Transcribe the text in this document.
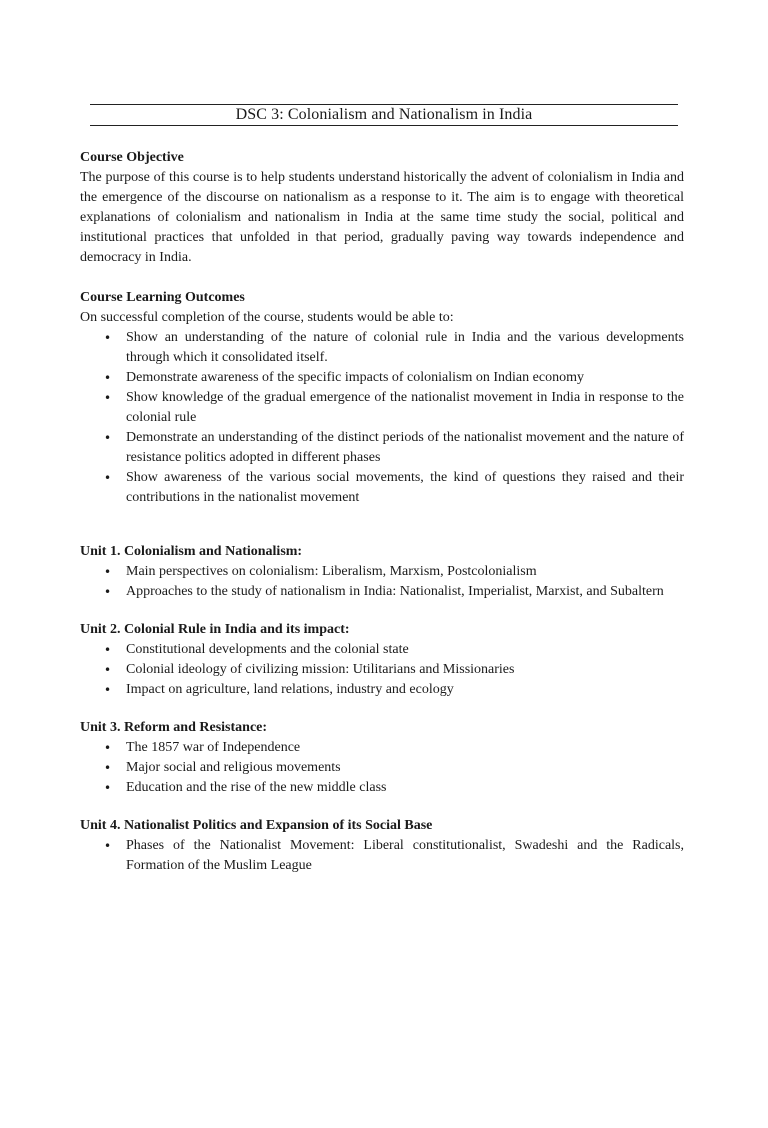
DSC 3: Colonialism and Nationalism in India

Course Objective

The purpose of this course is to help students understand historically the advent of colonialism in India and the emergence of the discourse on nationalism as a response to it. The aim is to engage with theoretical explanations of colonialism and nationalism in India at the same time study the social, political and institutional practices that unfolded in that period, gradually paving way towards independence and democracy in India.

Course Learning Outcomes

On successful completion of the course, students would be able to:

• Show an understanding of the nature of colonial rule in India and the various developments through which it consolidated itself.
• Demonstrate awareness of the specific impacts of colonialism on Indian economy
• Show knowledge of the gradual emergence of the nationalist movement in India in response to the colonial rule
• Demonstrate an understanding of the distinct periods of the nationalist movement and the nature of resistance politics adopted in different phases
• Show awareness of the various social movements, the kind of questions they raised and their contributions in the nationalist movement

Unit 1. Colonialism and Nationalism:

• Main perspectives on colonialism: Liberalism, Marxism, Postcolonialism
• Approaches to the study of nationalism in India: Nationalist, Imperialist, Marxist, and Subaltern

Unit 2. Colonial Rule in India and its impact:

• Constitutional developments and the colonial state
• Colonial ideology of civilizing mission: Utilitarians and Missionaries
• Impact on agriculture, land relations, industry and ecology

Unit 3. Reform and Resistance:

• The 1857 war of Independence
• Major social and religious movements
• Education and the rise of the new middle class

Unit 4. Nationalist Politics and Expansion of its Social Base

• Phases of the Nationalist Movement: Liberal constitutionalist, Swadeshi and the Radicals, Formation of the Muslim League
